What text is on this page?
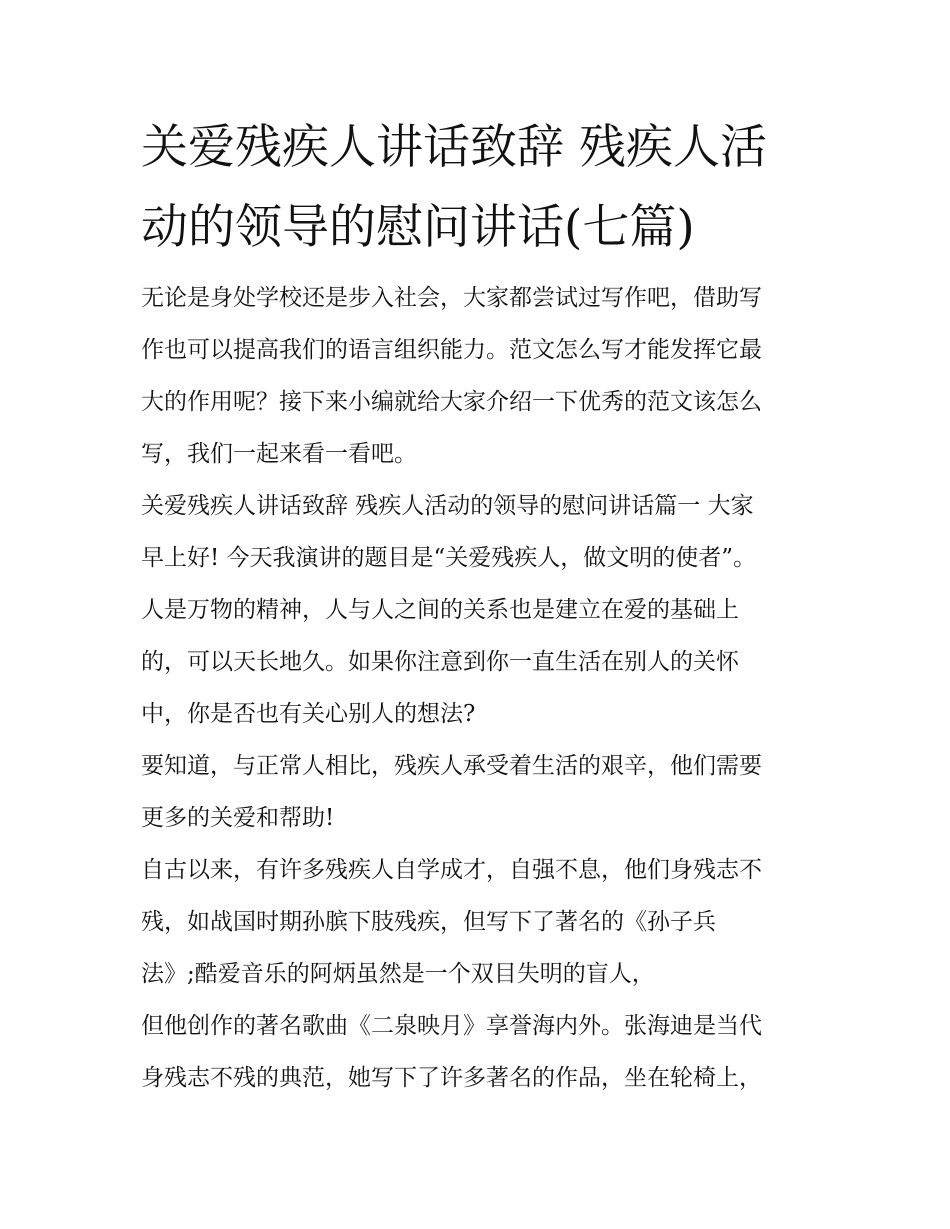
关爱残疾人讲话致辞 残疾人活
动的领导的慰问讲话(七篇)

无论是身处学校还是步入社会，大家都尝试过写作吧，借助写
作也可以提高我们的语言组织能力。范文怎么写才能发挥它最
大的作用呢？接下来小编就给大家介绍一下优秀的范文该怎么
写，我们一起来看一看吧。

关爱残疾人讲话致辞 残疾人活动的领导的慰问讲话篇一 大家
早上好! 今天我演讲的题目是“关爱残疾人，做文明的使者”。
人是万物的精神，人与人之间的关系也是建立在爱的基础上
的，可以天长地久。如果你注意到你一直生活在别人的关怀
中，你是否也有关心别人的想法?

要知道，与正常人相比，残疾人承受着生活的艰辛，他们需要
更多的关爱和帮助!

自古以来，有许多残疾人自学成才，自强不息，他们身残志不
残，如战国时期孙膑下肢残疾，但写下了著名的《孙子兵
法》;酷爱音乐的阿炳虽然是一个双目失明的盲人，

但他创作的著名歌曲《二泉映月》享誉海内外。张海迪是当代
身残志不残的典范，她写下了许多著名的作品，坐在轮椅上，
